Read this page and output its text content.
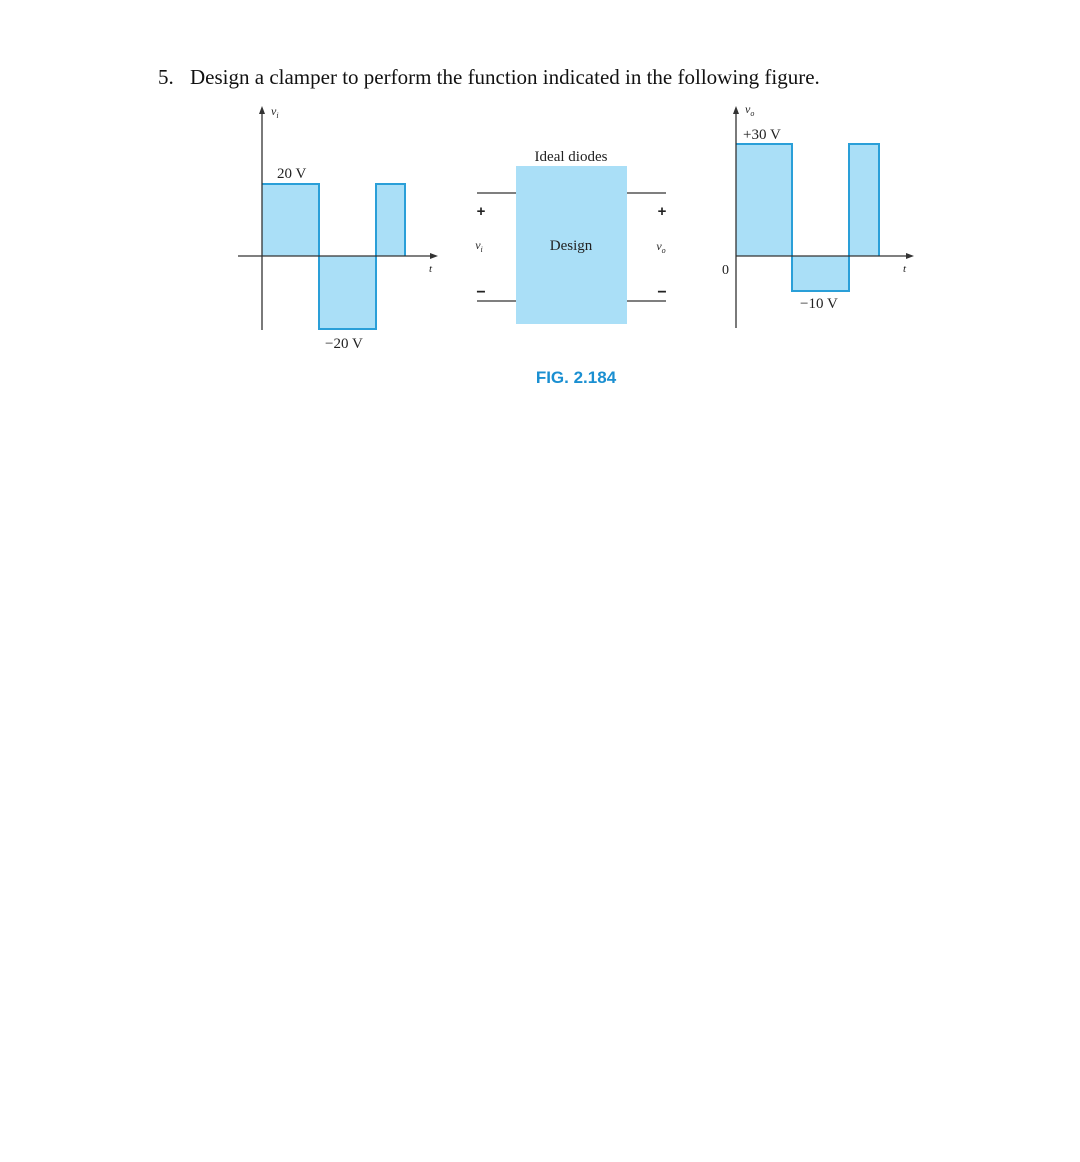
5. Design a clamper to perform the function indicated in the following figure.
$v_i$
t
20 V
−20 V
Ideal diodes
Design
+
$v_i$
−
+
$v_o$
−
$v_o$
t
0
+30 V
−10 V
FIG. 2.184
